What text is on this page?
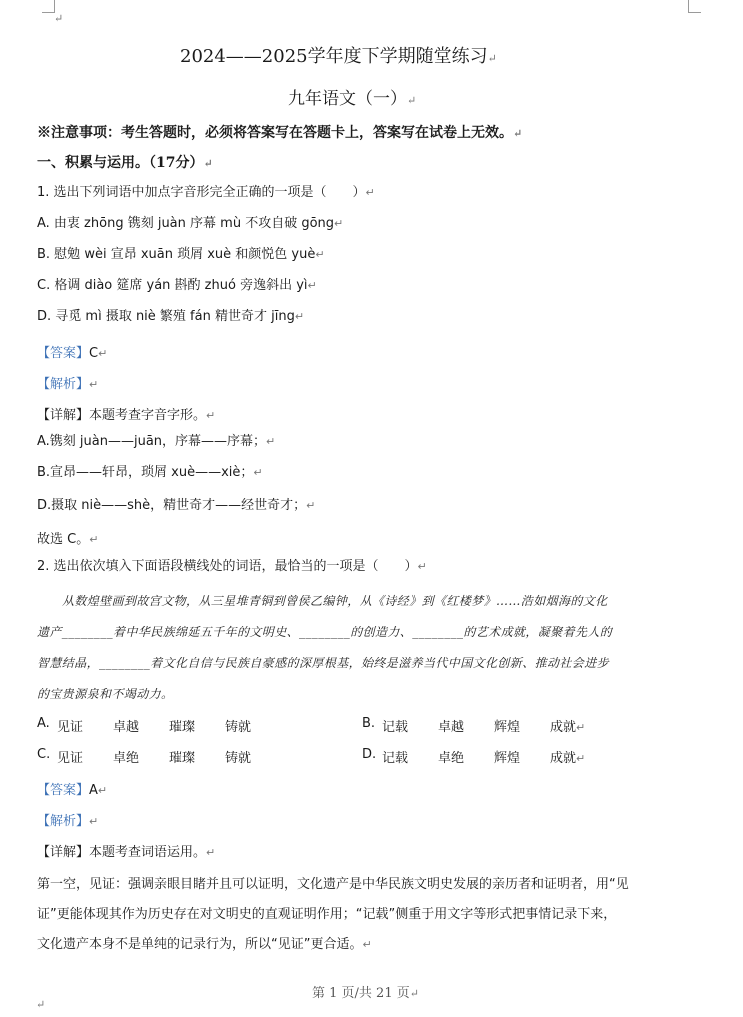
↵
2024——2025学年度下学期随堂练习↵
九年语文（一）↵
※注意事项：考生答题时，必须将答案写在答题卡上，答案写在试卷上无效。↵
一、积累与运用。（17分）↵
1. 选出下列词语中加点字音形完全正确的一项是（　　）↵
A. 由衷 zhōng 镌刻 juàn 序幕 mù 不攻自破 gōng↵
B. 慰勉 wèi 宣昂 xuān 琐屑 xuè 和颜悦色 yuè↵
C. 格调 diào 筵席 yán 斟酌 zhuó 旁逸斜出 yì↵
D. 寻觅 mì 摄取 niè 繁殖 fán 精世奇才 jīng↵
【答案】C↵
【解析】↵
【详解】本题考查字音字形。↵
A.镌刻 juàn——juān，序幕——序幕；↵
B.宣昂——轩昂，琐屑 xuè——xiè；↵
D.摄取 niè——shè，精世奇才——经世奇才；↵
故选 C。↵
2. 选出依次填入下面语段横线处的词语，最恰当的一项是（　　）↵
从数煌壁画到故宫文物，从三星堆青铜到曾侯乙编钟，从《诗经》到《红楼梦》……浩如烟海的文化
遗产________着中华民族绵延五千年的文明史、________的创造力、________的艺术成就，凝聚着先人的
智慧结晶，________着文化自信与民族自豪感的深厚根基，始终是滋养当代中国文化创新、推动社会进步
的宝贵源泉和不竭动力。
A. 见证 卓越 璀璨 铸就	B. 记载 卓越 辉煌 成就↵
C. 见证 卓绝 璀璨 铸就	D. 记载 卓绝 辉煌 成就↵
【答案】A↵
【解析】↵
【详解】本题考查词语运用。↵
第一空，见证：强调亲眼目睹并且可以证明，文化遗产是中华民族文明史发展的亲历者和证明者，用“见
证”更能体现其作为历史存在对文明史的直观证明作用；“记载”侧重于用文字等形式把事情记录下来，
文化遗产本身不是单纯的记录行为，所以“见证”更合适。↵
第 1 页/共 21 页↵
↵
